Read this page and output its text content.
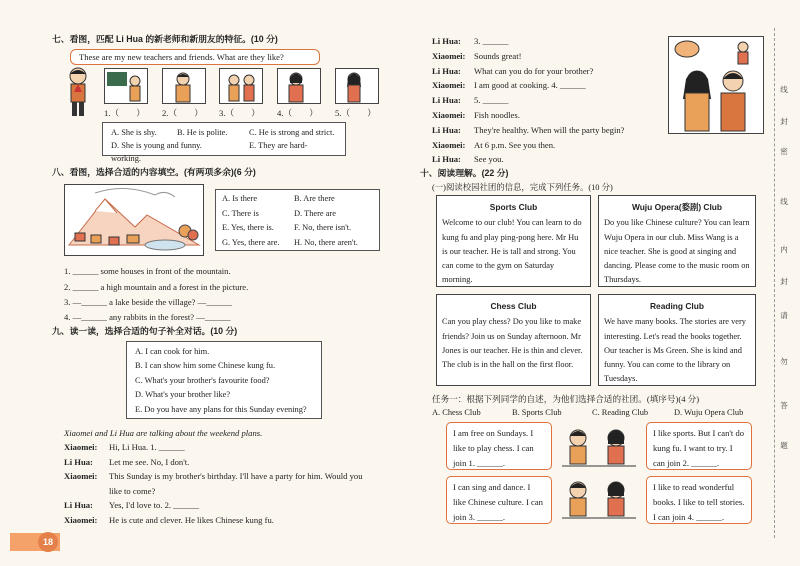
七、看图，匹配 Li Hua 的新老师和新朋友的特征。(10 分)
These are my new teachers and friends. What are they like?
1.（　　） 2.（　　） 3.（　　） 4.（　　） 5.（　　）
A. She is shy. B. He is polite.	C. He is strong and strict.
D. She is young and funny.	E. They are hard-working.
八、看图，选择合适的内容填空。(有两项多余)(6 分)
A. Is there	B. Are there
C. There is	D. There are
E. Yes, there is. F. No, there isn't.
G. Yes, there are. H. No, there aren't.
1. ______ some houses in front of the mountain.
2. ______ a high mountain and a forest in the picture.
3. —______ a lake beside the village? —______
4. —______ any rabbits in the forest? —______
九、读一读，选择合适的句子补全对话。(10 分)
A. I can cook for him.
B. I can show him some Chinese kung fu.
C. What's your brother's favourite food?
D. What's your brother like?
E. Do you have any plans for this Sunday evening?
Xiaomei and Li Hua are talking about the weekend plans.
Xiaomei: Hi, Li Hua. 1. ______
Li Hua: Let me see. No, I don't.
Xiaomei: This Sunday is my brother's birthday. I'll have a party for him. Would you
like to come?
Li Hua: Yes, I'd love to. 2. ______
Xiaomei: He is cute and clever. He likes Chinese kung fu.
18
Li Hua: 3. ______
Xiaomei: Sounds great!
Li Hua: What can you do for your brother?
Xiaomei: I am good at cooking. 4. ______
Li Hua: 5. ______
Xiaomei: Fish noodles.
Li Hua: They're healthy. When will the party begin?
Xiaomei: At 6 p.m. See you then.
Li Hua: See you.
十、阅读理解。(22 分)
(一)阅读校园社团的信息，完成下列任务。(10 分)
Sports Club
Welcome to our club! You can learn to do kung fu and play ping-pong here. Mr Hu is our teacher. He is tall and strong. You can come to the gym on Saturday morning.
Wuju Opera(婺剧) Club
Do you like Chinese culture? You can learn Wuju Opera in our club. Miss Wang is a nice teacher. She is good at singing and dancing. Please come to the music room on Thursdays.
Chess Club
Can you play chess? Do you like to make friends? Join us on Sunday afternoon. Mr Jones is our teacher. He is thin and clever. The club is in the hall on the first floor.
Reading Club
We have many books. The stories are very interesting. Let's read the books together. Our teacher is Ms Green. She is kind and funny. You can come to the library on Tuesdays.
任务一：根据下列同学的自述，为他们选择合适的社团。(填序号)(4 分)
A. Chess Club	B. Sports Club	C. Reading Club	D. Wuju Opera Club
I am free on Sundays. I like to play chess. I can join 1. ______.
I like sports. But I can't do kung fu. I want to try. I can join 2. ______.
I can sing and dance. I like Chinese culture. I can join 3. ______.
I like to read wonderful books. I like to tell stories. I can join 4. ______.
线
封
密
线
内
封
请
勿
答
题
